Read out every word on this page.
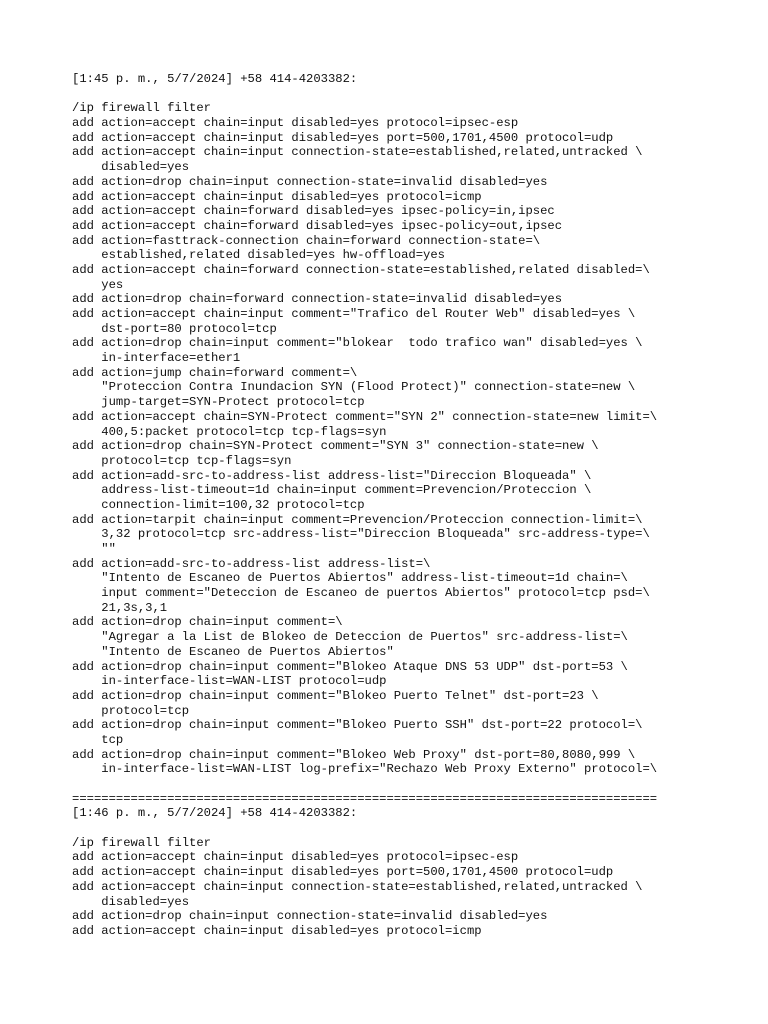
[1:45 p. m., 5/7/2024] +58 414-4203382:
/ip firewall filter
add action=accept chain=input disabled=yes protocol=ipsec-esp
add action=accept chain=input disabled=yes port=500,1701,4500 protocol=udp
add action=accept chain=input connection-state=established,related,untracked \
disabled=yes
add action=drop chain=input connection-state=invalid disabled=yes
add action=accept chain=input disabled=yes protocol=icmp
add action=accept chain=forward disabled=yes ipsec-policy=in,ipsec
add action=accept chain=forward disabled=yes ipsec-policy=out,ipsec
add action=fasttrack-connection chain=forward connection-state=\
established,related disabled=yes hw-offload=yes
add action=accept chain=forward connection-state=established,related disabled=\
yes
add action=drop chain=forward connection-state=invalid disabled=yes
add action=accept chain=input comment="Trafico del Router Web" disabled=yes \
dst-port=80 protocol=tcp
add action=drop chain=input comment="blokear  todo trafico wan" disabled=yes \
in-interface=ether1
add action=jump chain=forward comment=\
"Proteccion Contra Inundacion SYN (Flood Protect)" connection-state=new \
jump-target=SYN-Protect protocol=tcp
add action=accept chain=SYN-Protect comment="SYN 2" connection-state=new limit=\
400,5:packet protocol=tcp tcp-flags=syn
add action=drop chain=SYN-Protect comment="SYN 3" connection-state=new \
protocol=tcp tcp-flags=syn
add action=add-src-to-address-list address-list="Direccion Bloqueada" \
address-list-timeout=1d chain=input comment=Prevencion/Proteccion \
connection-limit=100,32 protocol=tcp
add action=tarpit chain=input comment=Prevencion/Proteccion connection-limit=\
3,32 protocol=tcp src-address-list="Direccion Bloqueada" src-address-type=\
""
add action=add-src-to-address-list address-list=\
"Intento de Escaneo de Puertos Abiertos" address-list-timeout=1d chain=\
input comment="Deteccion de Escaneo de puertos Abiertos" protocol=tcp psd=\
21,3s,3,1
add action=drop chain=input comment=\
"Agregar a la List de Blokeo de Deteccion de Puertos" src-address-list=\
"Intento de Escaneo de Puertos Abiertos"
add action=drop chain=input comment="Blokeo Ataque DNS 53 UDP" dst-port=53 \
in-interface-list=WAN-LIST protocol=udp
add action=drop chain=input comment="Blokeo Puerto Telnet" dst-port=23 \
protocol=tcp
add action=drop chain=input comment="Blokeo Puerto SSH" dst-port=22 protocol=\
tcp
add action=drop chain=input comment="Blokeo Web Proxy" dst-port=80,8080,999 \
in-interface-list=WAN-LIST log-prefix="Rechazo Web Proxy Externo" protocol=\
================================================================================
[1:46 p. m., 5/7/2024] +58 414-4203382:
/ip firewall filter
add action=accept chain=input disabled=yes protocol=ipsec-esp
add action=accept chain=input disabled=yes port=500,1701,4500 protocol=udp
add action=accept chain=input connection-state=established,related,untracked \
disabled=yes
add action=drop chain=input connection-state=invalid disabled=yes
add action=accept chain=input disabled=yes protocol=icmp
